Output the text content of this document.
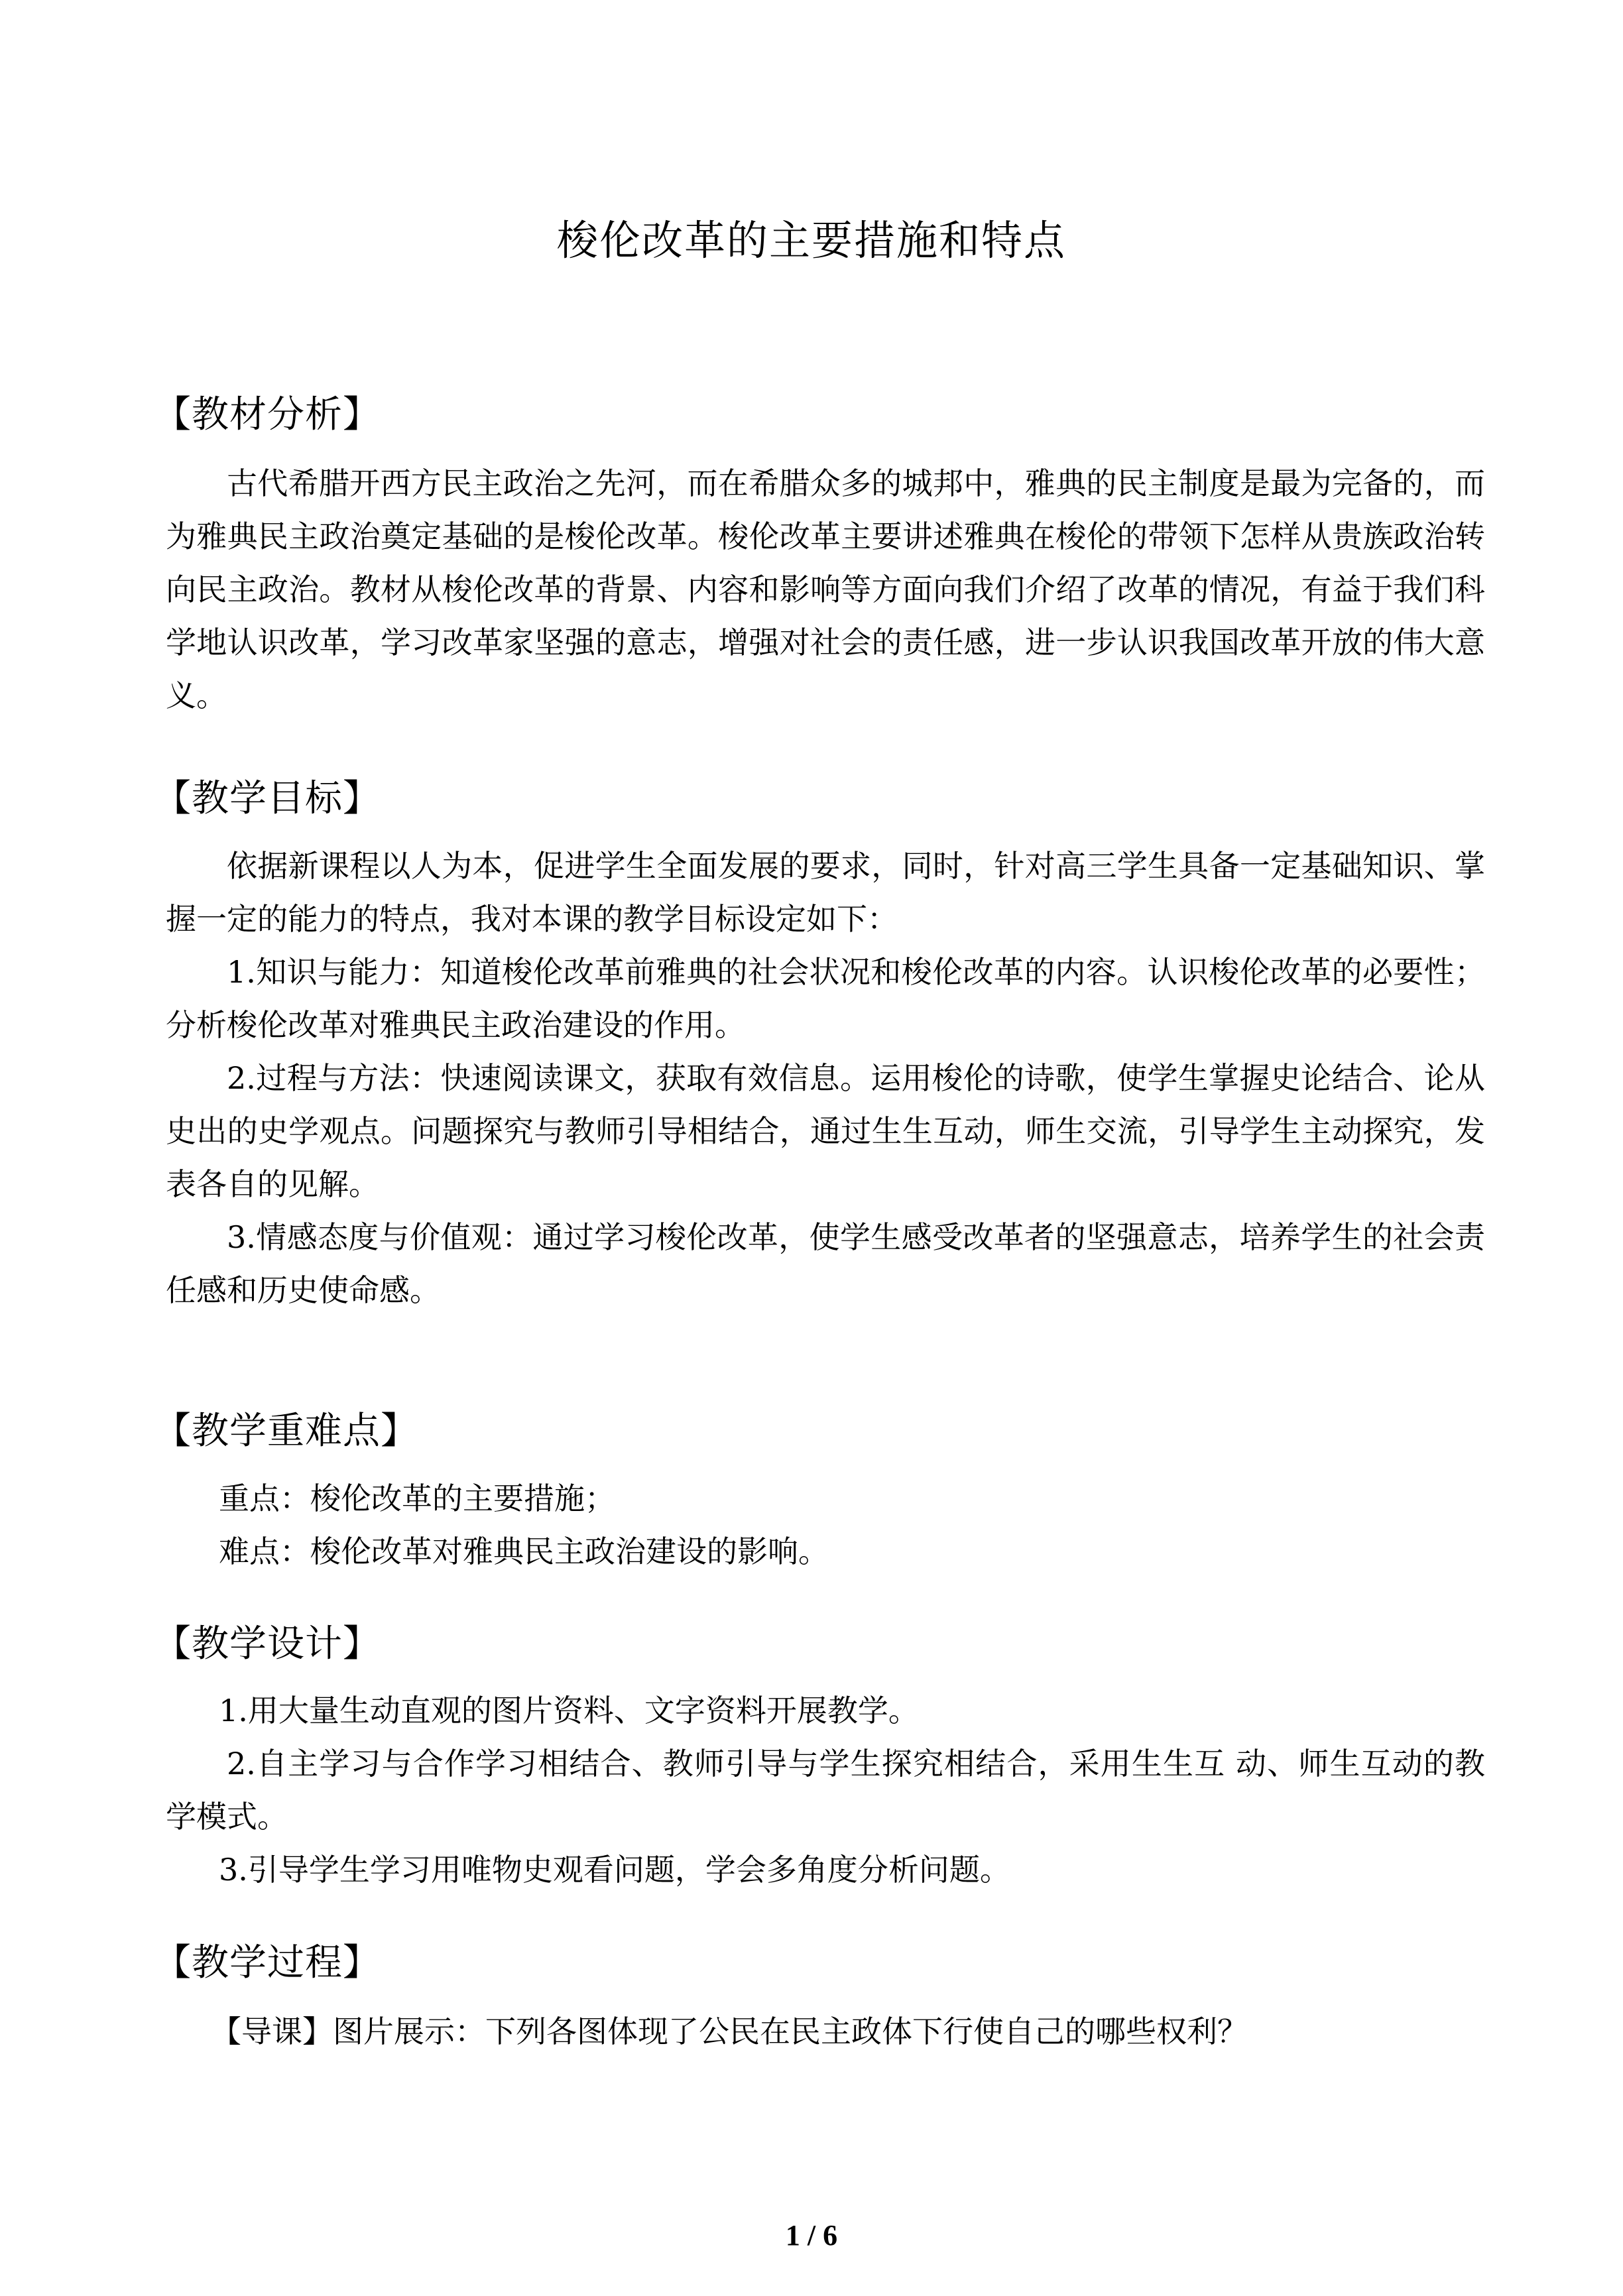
梭伦改革的主要措施和特点
【教材分析】
古代希腊开西方民主政治之先河，而在希腊众多的城邦中，雅典的民主制度是最为完备的，而为雅典民主政治奠定基础的是梭伦改革。梭伦改革主要讲述雅典在梭伦的带领下怎样从贵族政治转向民主政治。教材从梭伦改革的背景、内容和影响等方面向我们介绍了改革的情况，有益于我们科学地认识改革，学习改革家坚强的意志，增强对社会的责任感，进一步认识我国改革开放的伟大意义。
【教学目标】
依据新课程以人为本，促进学生全面发展的要求，同时，针对高三学生具备一定基础知识、掌握一定的能力的特点，我对本课的教学目标设定如下：
1.知识与能力：知道梭伦改革前雅典的社会状况和梭伦改革的内容。认识梭伦改革的必要性；分析梭伦改革对雅典民主政治建设的作用。
2.过程与方法：快速阅读课文，获取有效信息。运用梭伦的诗歌，使学生掌握史论结合、论从史出的史学观点。问题探究与教师引导相结合，通过生生互动，师生交流，引导学生主动探究，发表各自的见解。
3.情感态度与价值观：通过学习梭伦改革，使学生感受改革者的坚强意志，培养学生的社会责任感和历史使命感。
【教学重难点】
重点：梭伦改革的主要措施；
难点：梭伦改革对雅典民主政治建设的影响。
【教学设计】
1.用大量生动直观的图片资料、文字资料开展教学。
2.自主学习与合作学习相结合、教师引导与学生探究相结合，采用生生互 动、师生互动的教学模式。
3.引导学生学习用唯物史观看问题，学会多角度分析问题。
【教学过程】
【导课】图片展示：下列各图体现了公民在民主政体下行使自己的哪些权利？
1 / 6
